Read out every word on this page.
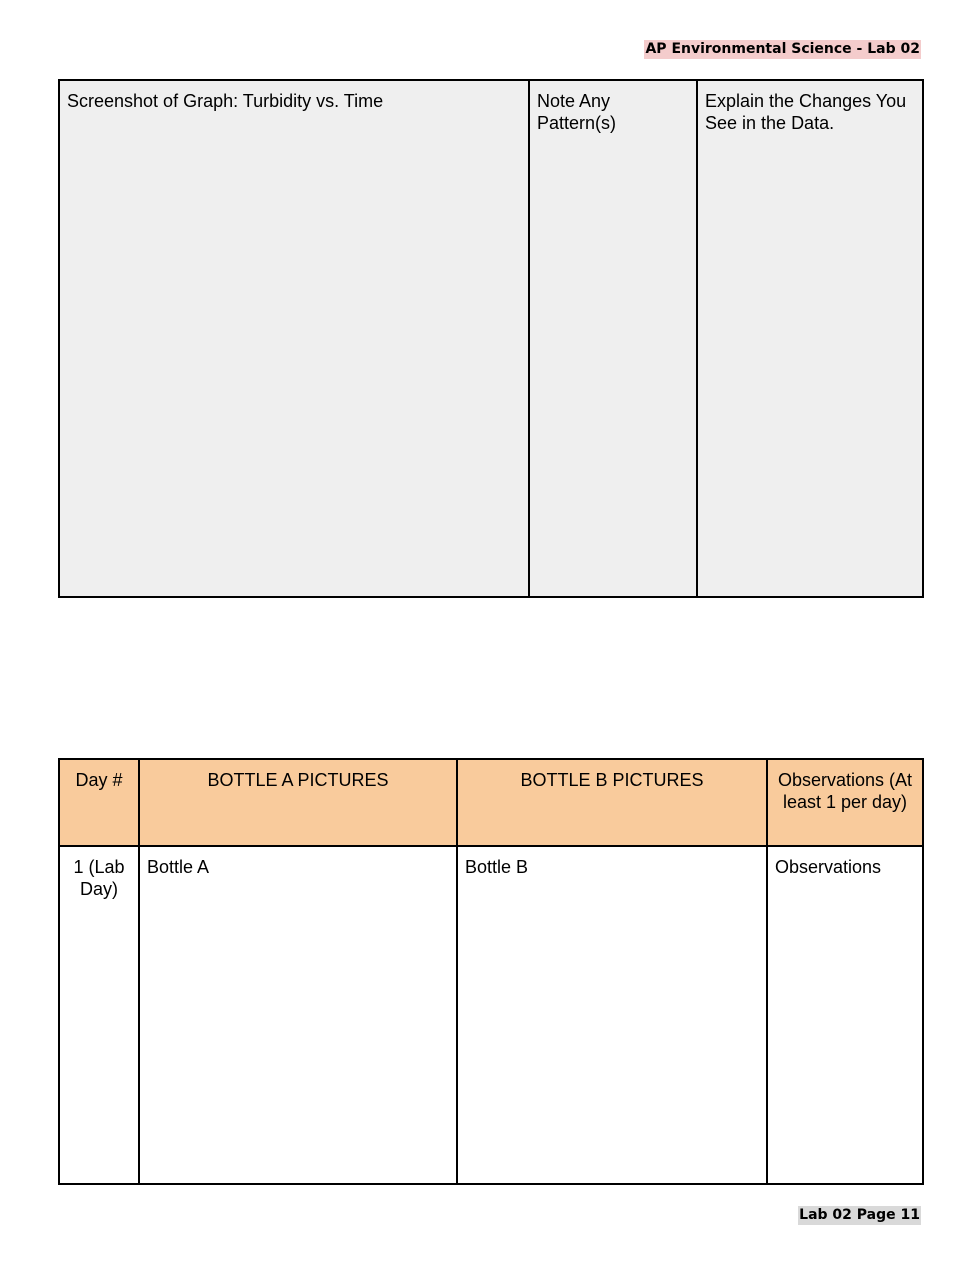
AP Environmental Science - Lab 02
Screenshot of Graph: Turbidity vs. Time	Note Any Pattern(s)	Explain the Changes You See in the Data.
Day #	BOTTLE A PICTURES	BOTTLE B PICTURES	Observations (At least 1 per day)
1 (Lab Day)	Bottle A	Bottle B	Observations
Lab 02 Page 11
